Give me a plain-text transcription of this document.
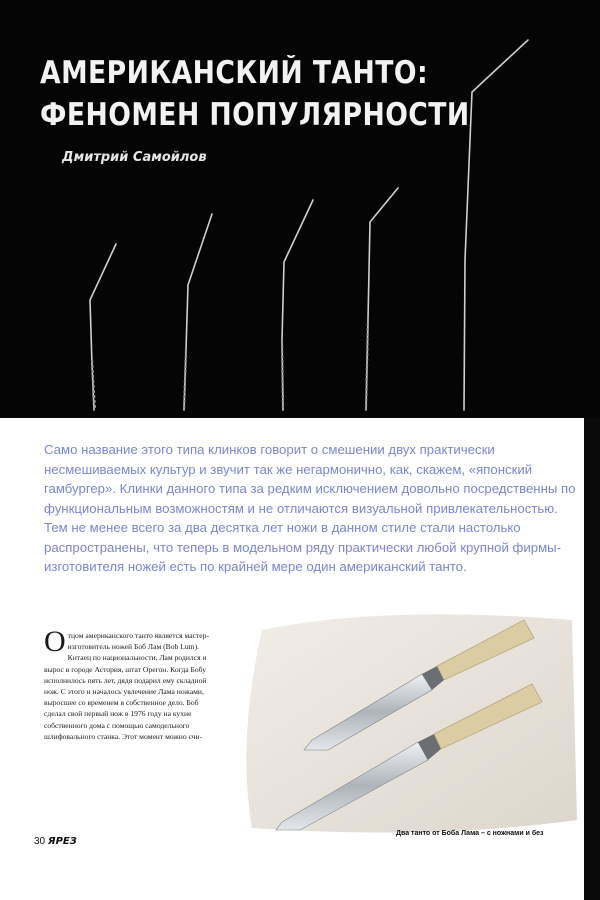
АМЕРИКАНСКИЙ ТАНТО:
ФЕНОМЕН ПОПУЛЯРНОСТИ
Дмитрий Самойлов

Само название этого типа клинков говорит о смешении двух практически несмешиваемых культур и звучит так же негармонично, как, скажем, «японский гамбургер». Клинки данного типа за редким исключением довольно посредственны по функциональным возможностям и не отличаются визуальной привлекательностью. Тем не менее всего за два десятка лет ножи в данном стиле стали настолько распространены, что теперь в модельном ряду практически любой крупной фирмы-изготовителя ножей есть по крайней мере один американский танто.

Отцом американского танто является мастер-изготовитель ножей Боб Лам (Bob Lum). Китаец по национальности, Лам родился и вырос в городе Астория, штат Орегон. Когда Бобу исполнилось пять лет, дядя подарил ему складной нож. С этого и началось увлечение Лама ножами, выросшее со временем в собственное дело. Боб сделал свой первый нож в 1976 году на кухне собственного дома с помощью самодельного шлифовального станка. Этот момент можно счи-

Два танто от Боба Лама – с ножнами и без
30 ЯРЕЗ
